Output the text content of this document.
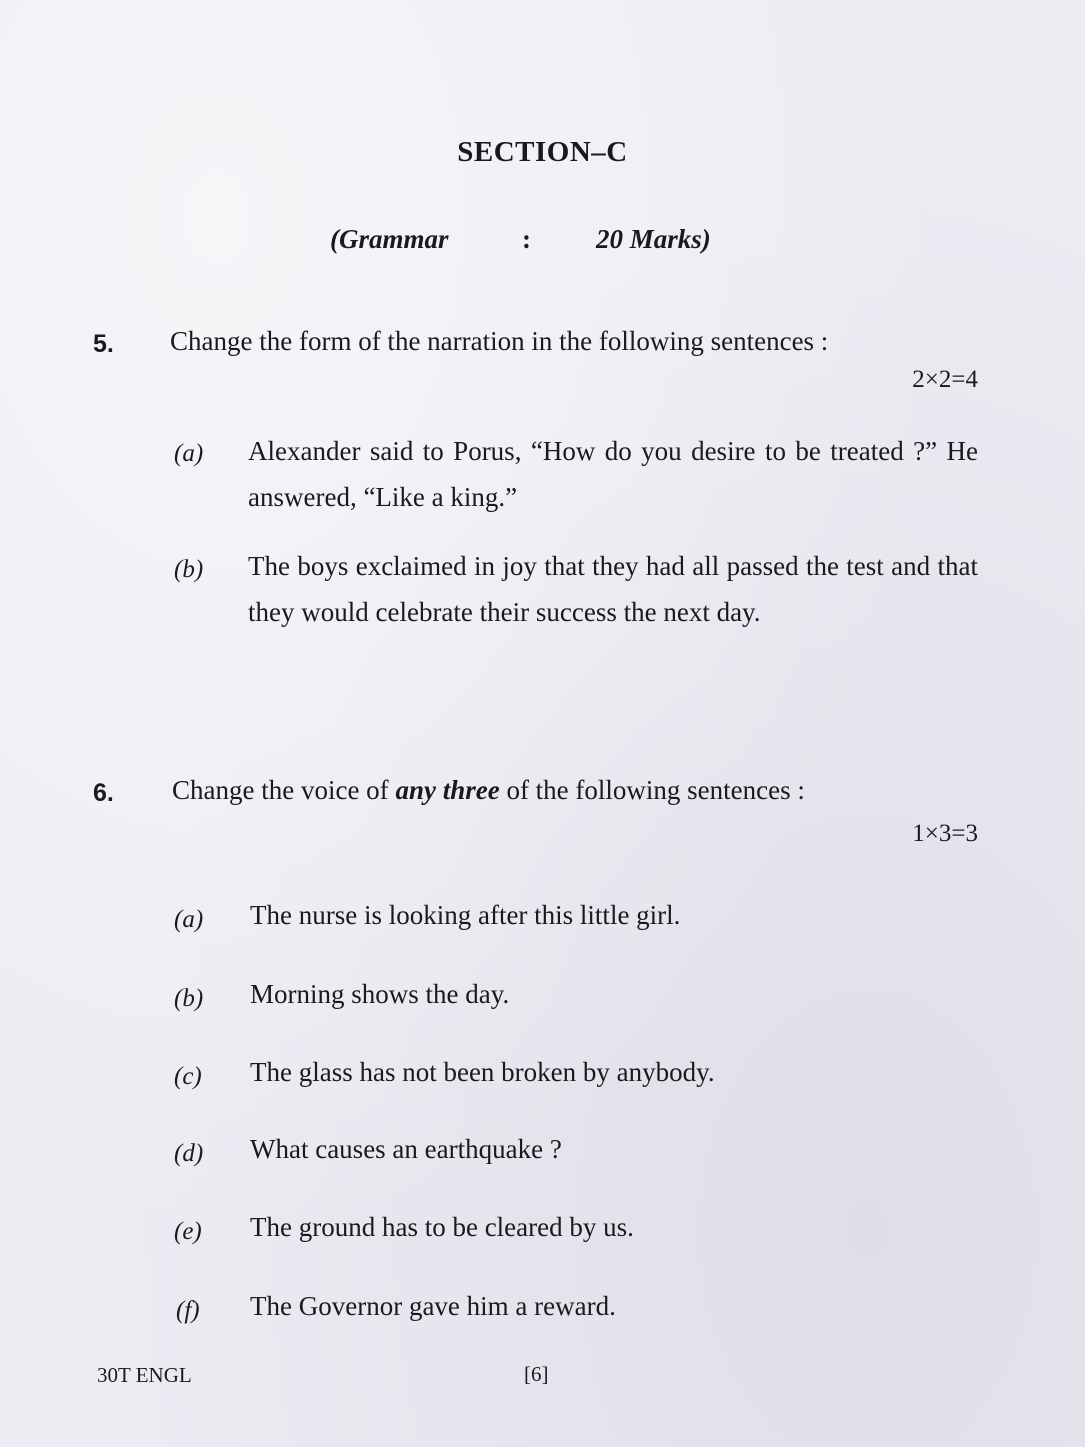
SECTION–C
(Grammar	: 20 Marks)
5. Change the form of the narration in the following sentences :
2×2=4
(a) Alexander said to Porus, “How do you desire to be treated ?” He answered, “Like a king.”
(b) The boys exclaimed in joy that they had all passed the test and that they would celebrate their success the next day.
6. Change the voice of any three of the following sentences :
1×3=3
(a) The nurse is looking after this little girl.
(b) Morning shows the day.
(c) The glass has not been broken by anybody.
(d) What causes an earthquake ?
(e) The ground has to be cleared by us.
(f) The Governor gave him a reward.
30T ENGL	[6]
